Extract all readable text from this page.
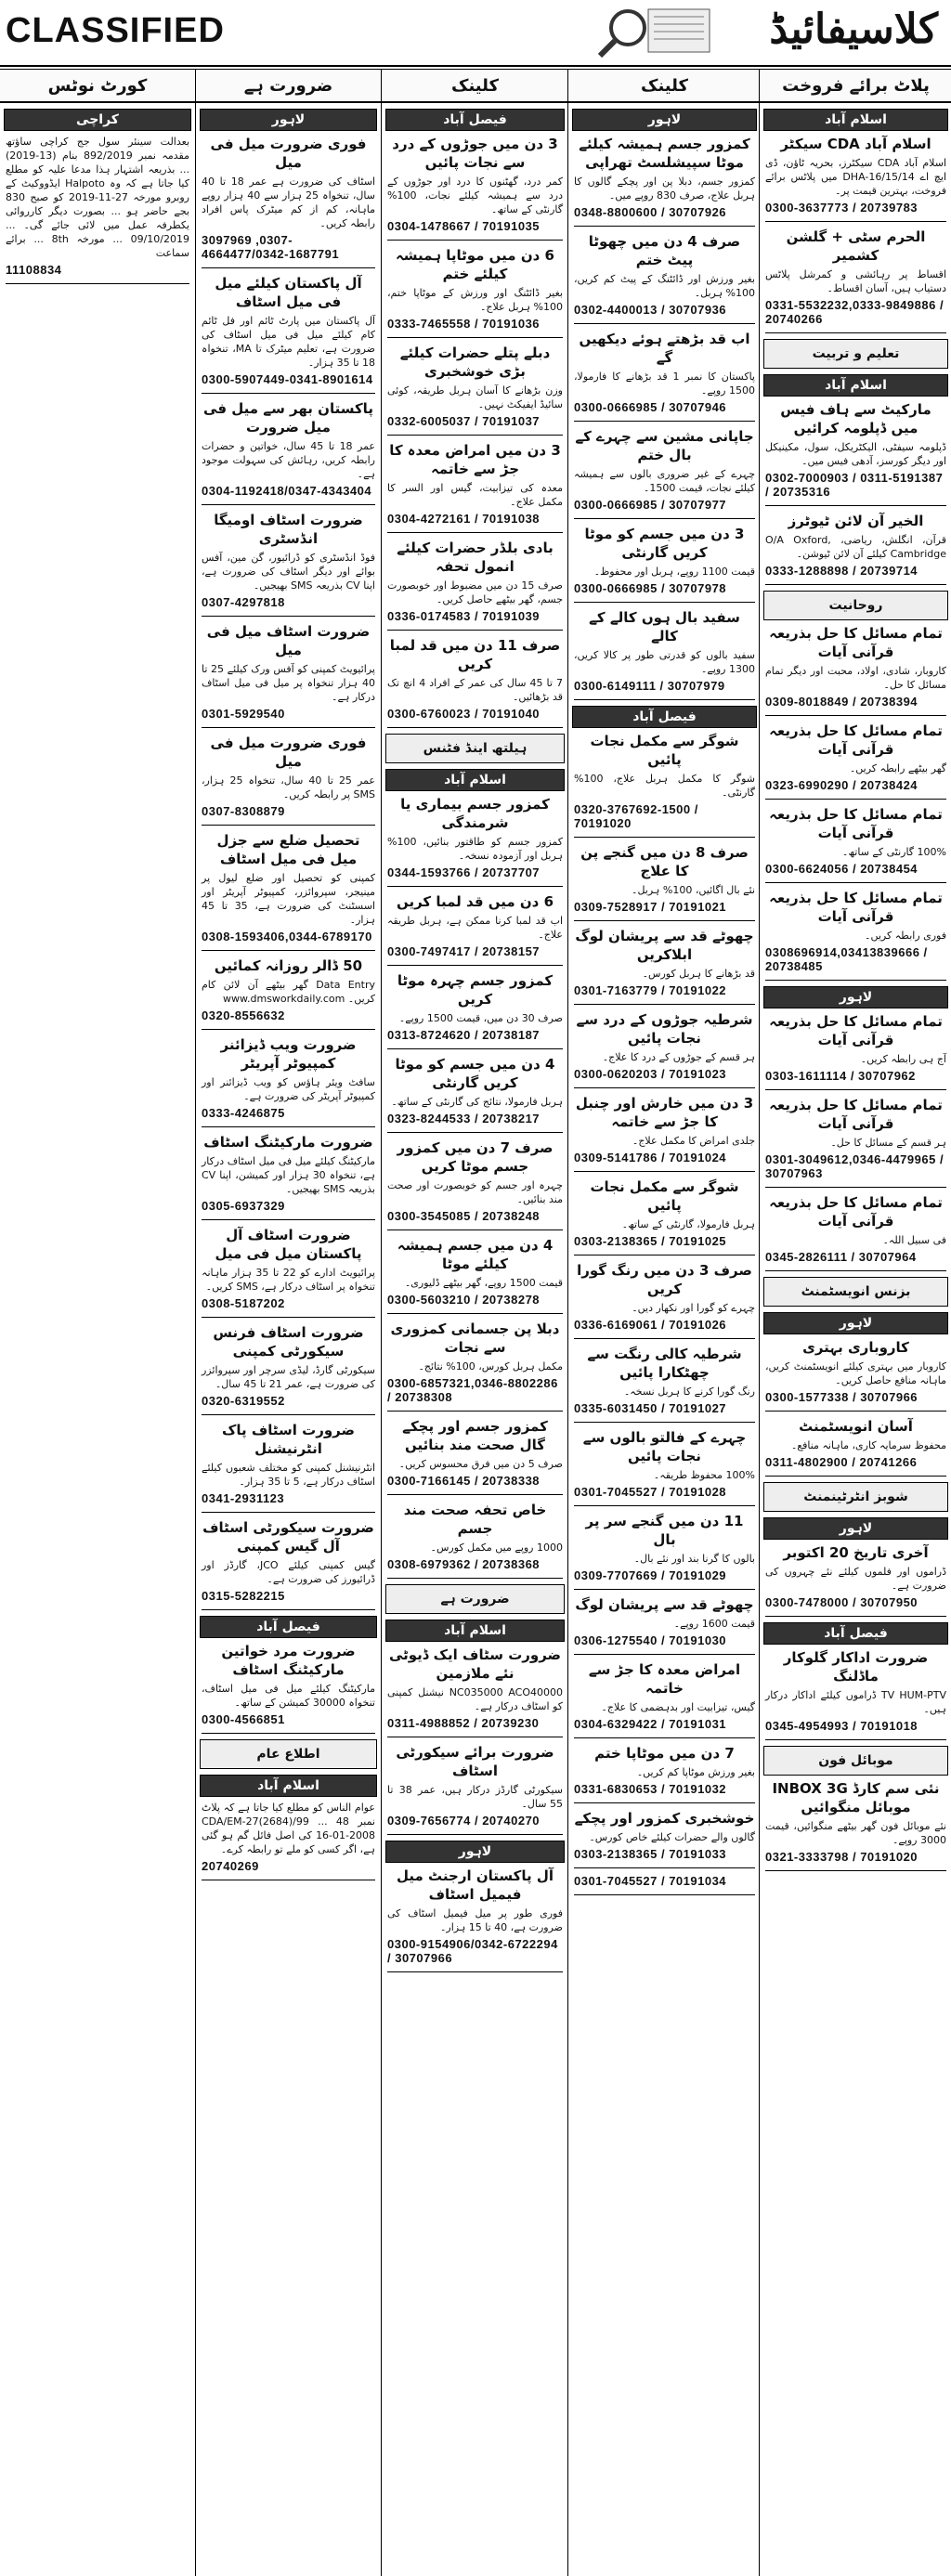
CLASSIFIED	کلاسیفائیڈ
کورٹ نوٹس
کراچی

بعدالت سینئر سول جج کراچی ساؤتھ مقدمہ نمبر 892/2019 بنام (13-2019) ... بذریعہ اشتہار ہذا مدعا علیہ کو مطلع کیا جاتا ہے کہ وہ Halpoto ایڈووکیٹ کے روبرو مورخہ 27-11-2019 کو صبح 830 بجے حاضر ہو ... بصورت دیگر کارروائی یکطرفہ عمل میں لائی جائے گی۔ ... 09/10/2019 ... مورخہ 8th ... برائے سماعت

11108834

ضرورت ہے
لاہور
فوری ضرورت میل فی میل

اسٹاف کی ضرورت ہے عمر 18 تا 40 سال، تنخواہ 25 ہزار سے 40 ہزار روپے ماہانہ، کم از کم میٹرک پاس افراد رابطہ کریں۔

3097969 ,0307-4664477/0342-1687791

آل پاکستان کیلئے میل فی میل اسٹاف

آل پاکستان میں پارٹ ٹائم اور فل ٹائم کام کیلئے میل فی میل اسٹاف کی ضرورت ہے، تعلیم میٹرک تا MA، تنخواہ 18 تا 35 ہزار۔

0300-5907449-0341-8901614

پاکستان بھر سے میل فی میل ضرورت

عمر 18 تا 45 سال، خواتین و حضرات رابطہ کریں، رہائش کی سہولت موجود ہے۔

0304-1192418/0347-4343404

ضرورت اسٹاف اومیگا انڈسٹری

فوڈ انڈسٹری کو ڈرائیور، گن مین، آفس بوائے اور دیگر اسٹاف کی ضرورت ہے، اپنا CV بذریعہ SMS بھیجیں۔

0307-4297818

ضرورت اسٹاف میل فی میل

پرائیویٹ کمپنی کو آفس ورک کیلئے 25 تا 40 ہزار تنخواہ پر میل فی میل اسٹاف درکار ہے۔

0301-5929540

فوری ضرورت میل فی میل

عمر 25 تا 40 سال، تنخواہ 25 ہزار، SMS پر رابطہ کریں۔

0307-8308879

تحصیل ضلع سے جزل میل فی میل اسٹاف

کمپنی کو تحصیل اور ضلع لیول پر مینیجر، سپروائزر، کمپیوٹر آپریٹر اور اسسٹنٹ کی ضرورت ہے، 35 تا 45 ہزار۔

0308-1593406,0344-6789170

50 ڈالر روزانہ کمائیں

Data Entry گھر بیٹھے آن لائن کام کریں۔ www.dmsworkdaily.com

0320-8556632

ضرورت ویب ڈیزائنر کمپیوٹر آپریٹر

سافٹ ویئر ہاؤس کو ویب ڈیزائنر اور کمپیوٹر آپریٹر کی ضرورت ہے۔

0333-4246875

ضرورت مارکیٹنگ اسٹاف

مارکیٹنگ کیلئے میل فی میل اسٹاف درکار ہے، تنخواہ 30 ہزار اور کمیشن، اپنا CV بذریعہ SMS بھیجیں۔

0305-6937329

ضرورت اسٹاف آل پاکستان میل فی میل

پرائیویٹ ادارے کو 22 تا 35 ہزار ماہانہ تنخواہ پر اسٹاف درکار ہے، SMS کریں۔

0308-5187202

ضرورت اسٹاف فرنس سیکورٹی کمپنی

سیکورٹی گارڈ، لیڈی سرچر اور سپروائزر کی ضرورت ہے، عمر 21 تا 45 سال۔

0320-6319552

ضرورت اسٹاف پاک انٹرنیشنل

انٹرنیشنل کمپنی کو مختلف شعبوں کیلئے اسٹاف درکار ہے، 5 تا 35 ہزار۔

0341-2931123

ضرورت سیکورٹی اسٹاف آل گیس کمپنی

گیس کمپنی کیلئے JCO، گارڈز اور ڈرائیورز کی ضرورت ہے۔

0315-5282215

فیصل آباد
ضرورت مرد خواتین مارکیٹنگ اسٹاف

مارکیٹنگ کیلئے میل فی میل اسٹاف، تنخواہ 30000 کمیشن کے ساتھ۔

0300-4566851

اطلاع عام
اسلام آباد

عوام الناس کو مطلع کیا جاتا ہے کہ پلاٹ نمبر 48 CDA/EM-27(2684)/99 ... 16-01-2008 کی اصل فائل گم ہو گئی ہے، اگر کسی کو ملے تو رابطہ کرے۔

20740269

کلینک
فیصل آباد
3 دن میں جوڑوں کے درد سے نجات پائیں

کمر درد، گھٹنوں کا درد اور جوڑوں کے درد سے ہمیشہ کیلئے نجات، 100% گارنٹی کے ساتھ۔

0304-1478667 / 70191035

6 دن میں موٹاپا ہمیشہ کیلئے ختم

بغیر ڈائٹنگ اور ورزش کے موٹاپا ختم، 100% ہربل علاج۔

0333-7465558 / 70191036

دبلے پتلے حضرات کیلئے بڑی خوشخبری

وزن بڑھانے کا آسان ہربل طریقہ، کوئی سائیڈ ایفیکٹ نہیں۔

0332-6005037 / 70191037

3 دن میں امراض معدہ کا جڑ سے خاتمہ

معدہ کی تیزابیت، گیس اور السر کا مکمل علاج۔

0304-4272161 / 70191038

بادی بلڈر حضرات کیلئے انمول تحفہ

صرف 15 دن میں مضبوط اور خوبصورت جسم، گھر بیٹھے حاصل کریں۔

0336-0174583 / 70191039

صرف 11 دن میں قد لمبا کریں

7 تا 45 سال کی عمر کے افراد 4 انچ تک قد بڑھائیں۔

0300-6760023 / 70191040

ہیلتھ اینڈ فٹنس
اسلام آباد
کمزور جسم بیماری یا شرمندگی

کمزور جسم کو طاقتور بنائیں، 100% ہربل اور آزمودہ نسخہ۔

0344-1593766 / 20737707

6 دن میں قد لمبا کریں

اب قد لمبا کرنا ممکن ہے، ہربل طریقہ علاج۔

0300-7497417 / 20738157

کمزور جسم چہرہ موٹا کریں

صرف 30 دن میں، قیمت 1500 روپے۔

0313-8724620 / 20738187

4 دن میں جسم کو موٹا کریں گارنٹی

ہربل فارمولا، نتائج کی گارنٹی کے ساتھ۔

0323-8244533 / 20738217

صرف 7 دن میں کمزور جسم موٹا کریں

چہرہ اور جسم کو خوبصورت اور صحت مند بنائیں۔

0300-3545085 / 20738248

4 دن میں جسم ہمیشہ کیلئے موٹا

قیمت 1500 روپے، گھر بیٹھے ڈلیوری۔

0300-5603210 / 20738278

دبلا پن جسمانی کمزوری سے نجات

مکمل ہربل کورس، 100% نتائج۔

0300-6857321,0346-8802286 / 20738308

کمزور جسم اور پچکے گال صحت مند بنائیں

صرف 5 دن میں فرق محسوس کریں۔

0300-7166145 / 20738338

خاص تحفہ صحت مند جسم

1000 روپے میں مکمل کورس۔

0308-6979362 / 20738368

ضرورت ہے
اسلام آباد
ضرورت سٹاف ایک ڈیوٹی نئے ملازمین

NC035000 ACO40000 نیشنل کمپنی کو اسٹاف درکار ہے۔

0311-4988852 / 20739230

ضرورت برائے سیکورٹی اسٹاف

سیکورٹی گارڈز درکار ہیں، عمر 38 تا 55 سال۔

0309-7656774 / 20740270

لاہور
آل پاکستان ارجنٹ میل فیمیل اسٹاف

فوری طور پر میل فیمیل اسٹاف کی ضرورت ہے، 40 تا 15 ہزار۔

0300-9154906/0342-6722294 / 30707966

کلینک
لاہور
کمزور جسم ہمیشہ کیلئے موٹا سپیشلسٹ تھراپی

کمزور جسم، دبلا پن اور پچکے گالوں کا ہربل علاج، صرف 830 روپے میں۔

0348-8800600 / 30707926

صرف 4 دن میں چھوٹا پیٹ ختم

بغیر ورزش اور ڈائٹنگ کے پیٹ کم کریں، 100% ہربل۔

0302-4400013 / 30707936

اب قد بڑھتے ہوئے دیکھیں گے

پاکستان کا نمبر 1 قد بڑھانے کا فارمولا، 1500 روپے۔

0300-0666985 / 30707946

جاپانی مشین سے چہرے کے بال ختم

چہرے کے غیر ضروری بالوں سے ہمیشہ کیلئے نجات، قیمت 1500۔

0300-0666985 / 30707977

3 دن میں جسم کو موٹا کریں گارنٹی

قیمت 1100 روپے، ہربل اور محفوظ۔

0300-0666985 / 30707978

سفید بال ہوں کالے کے کالے

سفید بالوں کو قدرتی طور پر کالا کریں، 1300 روپے۔

0300-6149111 / 30707979

فیصل آباد
شوگر سے مکمل نجات پائیں

شوگر کا مکمل ہربل علاج، 100% گارنٹی۔

0320-3767692-1500 / 70191020

صرف 8 دن میں گنجے پن کا علاج

نئے بال اگائیں، 100% ہربل۔

0309-7528917 / 70191021

چھوٹے قد سے پریشان لوگ ابلاکریں

قد بڑھانے کا ہربل کورس۔

0301-7163779 / 70191022

شرطیہ جوڑوں کے درد سے نجات پائیں

ہر قسم کے جوڑوں کے درد کا علاج۔

0300-0620203 / 70191023

3 دن میں خارش اور چنبل کا جڑ سے خاتمہ

جلدی امراض کا مکمل علاج۔

0309-5141786 / 70191024

شوگر سے مکمل نجات پائیں

ہربل فارمولا، گارنٹی کے ساتھ۔

0303-2138365 / 70191025

صرف 3 دن میں رنگ گورا کریں

چہرے کو گورا اور نکھار دیں۔

0336-6169061 / 70191026

شرطیہ کالی رنگت سے چھٹکارا پائیں

رنگ گورا کرنے کا ہربل نسخہ۔

0335-6031450 / 70191027

چہرے کے فالتو بالوں سے نجات پائیں

100% محفوظ طریقہ۔

0301-7045527 / 70191028

11 دن میں گنجے سر پر بال

بالوں کا گرنا بند اور نئے بال۔

0309-7707669 / 70191029

چھوٹے قد سے پریشان لوگ

قیمت 1600 روپے۔

0306-1275540 / 70191030

امراض معدہ کا جڑ سے خاتمہ

گیس، تیزابیت اور بدہضمی کا علاج۔

0304-6329422 / 70191031

7 دن میں موٹاپا ختم

بغیر ورزش موٹاپا کم کریں۔

0331-6830653 / 70191032

خوشخبری کمزور اور پچکے

گالوں والے حضرات کیلئے خاص کورس۔

0303-2138365 / 70191033

0301-7045527 / 70191034

پلاٹ برائے فروخت
اسلام آباد
اسلام آباد CDA سیکٹر

اسلام آباد CDA سیکٹرز، بحریہ ٹاؤن، ڈی ایچ اے DHA-16/15/14 میں پلاٹس برائے فروخت، بہترین قیمت پر۔

0300-3637773 / 20739783

الحرم سٹی + گلشن کشمیر

اقساط پر رہائشی و کمرشل پلاٹس دستیاب ہیں، آسان اقساط۔

0331-5532232,0333-9849886 / 20740266

تعلیم و تربیت
اسلام آباد
مارکیٹ سے ہاف فیس میں ڈپلومہ کرائیں

ڈپلومہ سیفٹی، الیکٹریکل، سول، مکینیکل اور دیگر کورسز، آدھی فیس میں۔

0302-7000903 / 0311-5191387 / 20735316

الخیر آن لائن ٹیوٹرز

قرآن، انگلش، ریاضی، O/A Oxford, Cambridge کیلئے آن لائن ٹیوشن۔

0333-1288898 / 20739714

روحانیت
تمام مسائل کا حل بذریعہ قرآنی آیات

کاروبار، شادی، اولاد، محبت اور دیگر تمام مسائل کا حل۔

0309-8018849 / 20738394

تمام مسائل کا حل بذریعہ قرآنی آیات

گھر بیٹھے رابطہ کریں۔

0323-6990290 / 20738424

تمام مسائل کا حل بذریعہ قرآنی آیات

100% گارنٹی کے ساتھ۔

0300-6624056 / 20738454

تمام مسائل کا حل بذریعہ قرآنی آیات

فوری رابطہ کریں۔

0308696914,03413839666 / 20738485

لاہور
تمام مسائل کا حل بذریعہ قرآنی آیات

آج ہی رابطہ کریں۔

0303-1611114 / 30707962

تمام مسائل کا حل بذریعہ قرآنی آیات

ہر قسم کے مسائل کا حل۔

0301-3049612,0346-4479965 / 30707963

تمام مسائل کا حل بذریعہ قرآنی آیات

فی سبیل اللہ۔

0345-2826111 / 30707964

بزنس انویسٹمنٹ
لاہور
کاروباری بہتری

کاروبار میں بہتری کیلئے انویسٹمنٹ کریں، ماہانہ منافع حاصل کریں۔

0300-1577338 / 30707966

آسان انویسٹمنٹ

محفوظ سرمایہ کاری، ماہانہ منافع۔

0311-4802900 / 20741266

شوبز انٹرٹینمنٹ
لاہور
آخری تاریخ 20 اکتوبر

ڈراموں اور فلموں کیلئے نئے چہروں کی ضرورت ہے۔

0300-7478000 / 30707950

فیصل آباد
ضرورت اداکار گلوکار ماڈلنگ

TV HUM-PTV ڈراموں کیلئے اداکار درکار ہیں۔

0345-4954993 / 70191018

موبائل فون
نئی سم کارڈ INBOX 3G موبائل منگوائیں

نئے موبائل فون گھر بیٹھے منگوائیں، قیمت 3000 روپے۔

0321-3333798 / 70191020
